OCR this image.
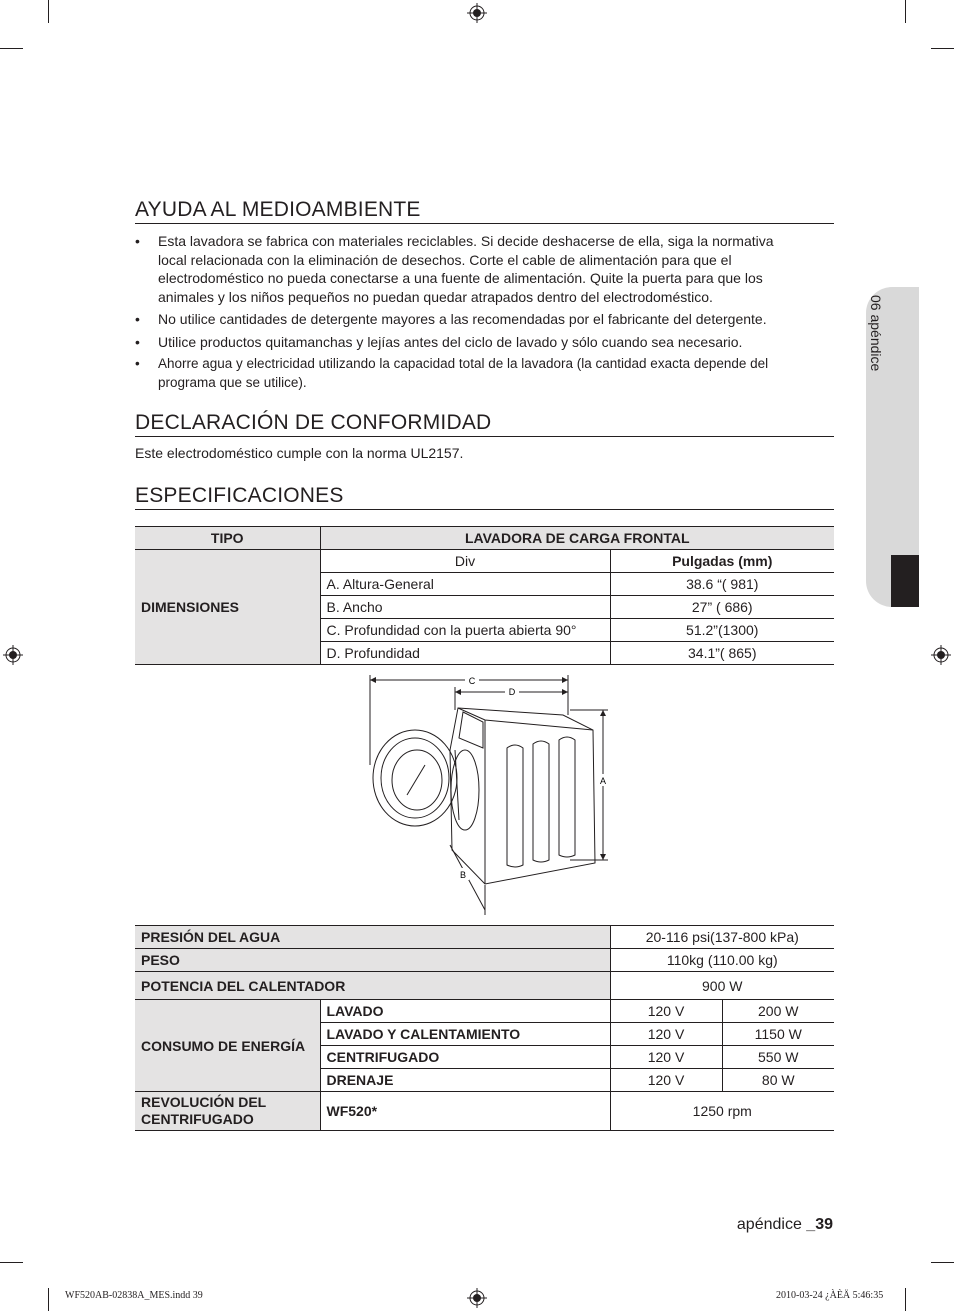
06 apéndice
AYUDA AL MEDIOAMBIENTE
• Esta lavadora se fabrica con materiales reciclables. Si decide deshacerse de ella, siga la normativa local relacionada con la eliminación de desechos. Corte el cable de alimentación para que el electrodoméstico no pueda conectarse a una fuente de alimentación. Quite la puerta para que los animales y los niños pequeños no puedan quedar atrapados dentro del electrodoméstico.
• No utilice cantidades de detergente mayores a las recomendadas por el fabricante del detergente.
• Utilice productos quitamanchas y lejías antes del ciclo de lavado y sólo cuando sea necesario.
• Ahorre agua y electricidad utilizando la capacidad total de la lavadora (la cantidad exacta depende del programa que se utilice).
DECLARACIÓN DE CONFORMIDAD
Este electrodoméstico cumple con la norma UL2157.
ESPECIFICACIONES
TIPO	LAVADORA DE CARGA FRONTAL	
DIMENSIONES	Div	Pulgadas (mm)
	A. Altura-General	38.6 “( 981)
	B. Ancho	27” ( 686)
	C. Profundidad con la puerta abierta 90°	51.2”(1300)
	D. Profundidad	34.1”( 865)
C
D
A
B
PRESIÓN DEL AGUA		20-116 psi(137-800 kPa)	
PESO		110kg (110.00 kg)	
POTENCIA DEL CALENTADOR		900 W	
CONSUMO DE ENERGÍA	LAVADO	120 V	200 W
	LAVADO Y CALENTAMIENTO	120 V	1150 W
	CENTRIFUGADO	120 V	550 W
	DRENAJE	120 V	80 W
REVOLUCIÓN DEL CENTRIFUGADO	WF520*	1250 rpm	
apéndice _39
WF520AB-02838A_MES.indd 39	2010-03-24 ¿ÀÈÄ 5:46:35
